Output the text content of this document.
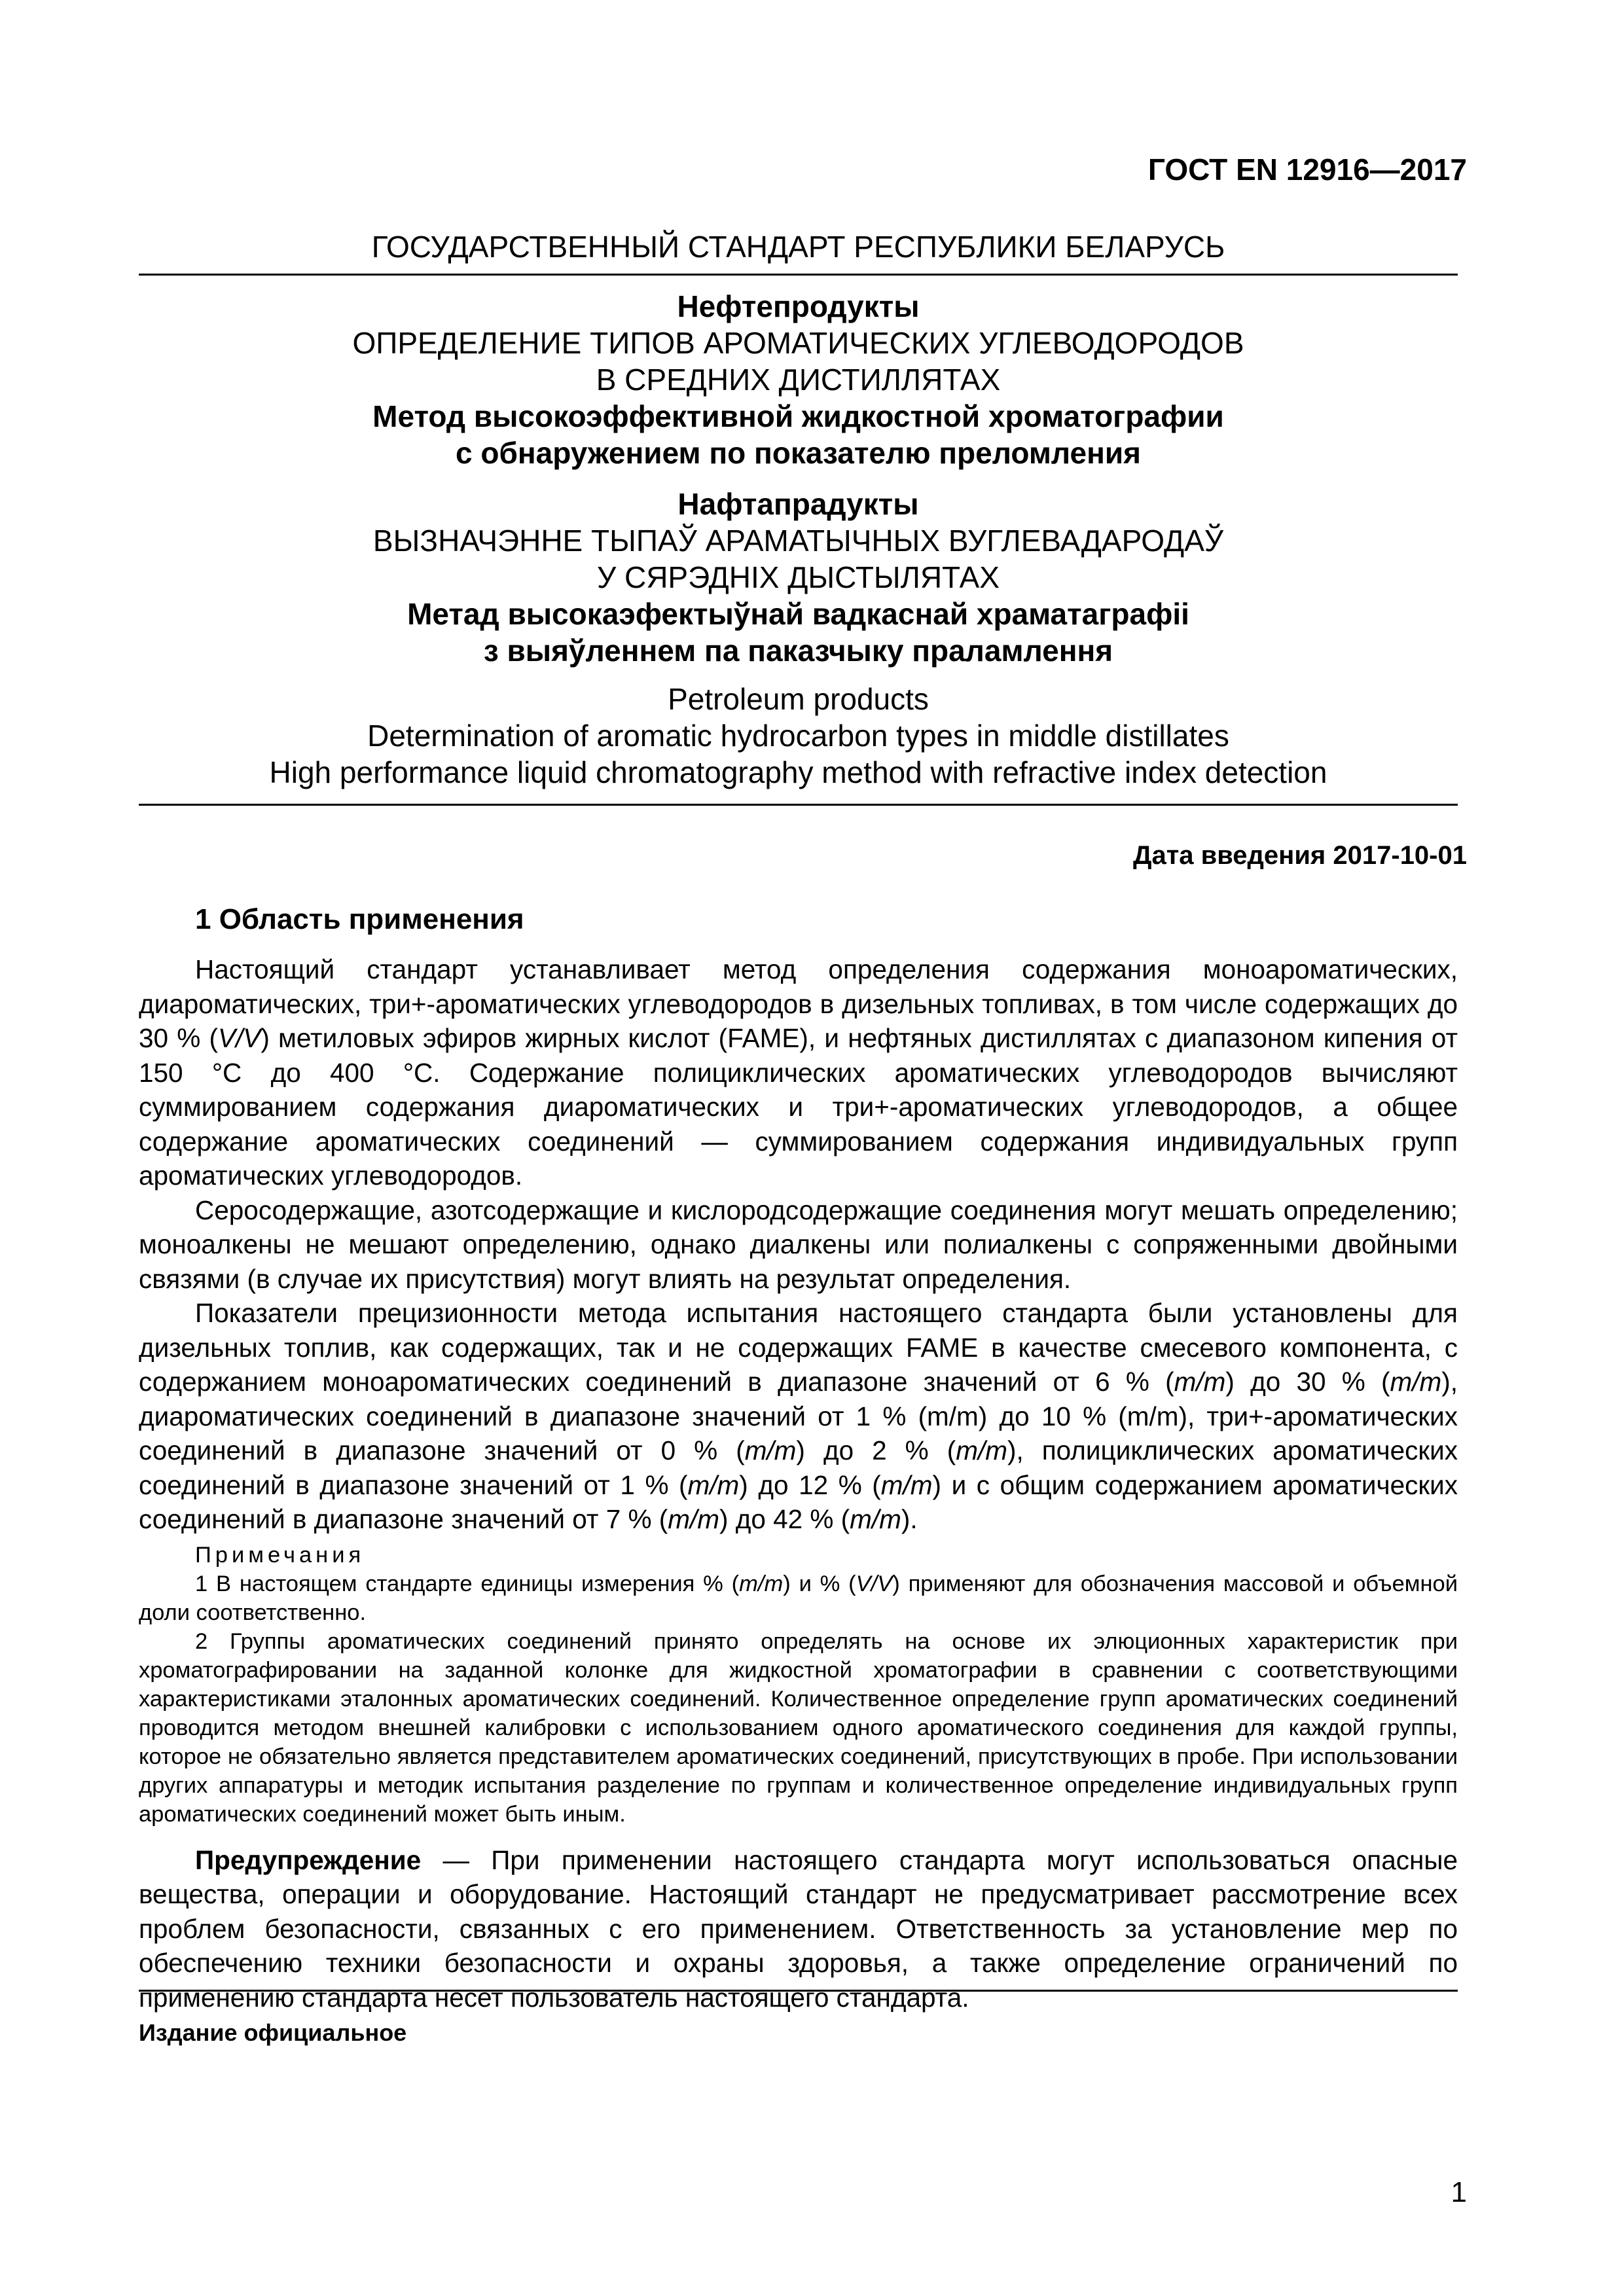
ГОСТ EN 12916—2017
ГОСУДАРСТВЕННЫЙ СТАНДАРТ РЕСПУБЛИКИ БЕЛАРУСЬ
Нефтепродукты
ОПРЕДЕЛЕНИЕ ТИПОВ АРОМАТИЧЕСКИХ УГЛЕВОДОРОДОВ
В СРЕДНИХ ДИСТИЛЛЯТАХ
Метод высокоэффективной жидкостной хроматографии
с обнаружением по показателю преломления
Нафтапрадукты
ВЫЗНАЧЭННЕ ТЫПАЎ АРАМАТЫЧНЫХ ВУГЛЕВАДАРОДАЎ
У СЯРЭДНІХ ДЫСТЫЛЯТАХ
Метад высокаэфектыўнай вадкаснай храматаграфіі
з выяўленнем па паказчыку праламлення
Petroleum products
Determination of aromatic hydrocarbon types in middle distillates
High performance liquid chromatography method with refractive index detection
Дата введения 2017-10-01
1 Область применения

Настоящий стандарт устанавливает метод определения содержания моноароматических, диароматических, три+-ароматических углеводородов в дизельных топливах, в том числе содержащих до 30 % (V/V) метиловых эфиров жирных кислот (FAME), и нефтяных дистиллятах с диапазоном кипения от 150 °С до 400 °С. Содержание полициклических ароматических углеводородов вычисляют суммированием содержания диароматических и три+-ароматических углеводородов, а общее содержание ароматических соединений — суммированием содержания индивидуальных групп ароматических углеводородов.

Серосодержащие, азотсодержащие и кислородсодержащие соединения могут мешать определению; моноалкены не мешают определению, однако диалкены или полиалкены с сопряженными двойными связями (в случае их присутствия) могут влиять на результат определения.

Показатели прецизионности метода испытания настоящего стандарта были установлены для дизельных топлив, как содержащих, так и не содержащих FAME в качестве смесевого компонента, с содержанием моноароматических соединений в диапазоне значений от 6 % (m/m) до 30 % (m/m), диароматических соединений в диапазоне значений от 1 % (m/m) до 10 % (m/m), три+-ароматических соединений в диапазоне значений от 0 % (m/m) до 2 % (m/m), полициклических ароматических соединений в диапазоне значений от 1 % (m/m) до 12 % (m/m) и с общим содержанием ароматических соединений в диапазоне значений от 7 % (m/m) до 42 % (m/m).

Примечания

1 В настоящем стандарте единицы измерения % (m/m) и % (V/V) применяют для обозначения массовой и объемной доли соответственно.

2 Группы ароматических соединений принято определять на основе их элюционных характеристик при хроматографировании на заданной колонке для жидкостной хроматографии в сравнении с соответствующими характеристиками эталонных ароматических соединений. Количественное определение групп ароматических соединений проводится методом внешней калибровки с использованием одного ароматического соединения для каждой группы, которое не обязательно является представителем ароматических соединений, присутствующих в пробе. При использовании других аппаратуры и методик испытания разделение по группам и количественное определение индивидуальных групп ароматических соединений может быть иным.

Предупреждение — При применении настоящего стандарта могут использоваться опасные вещества, операции и оборудование. Настоящий стандарт не предусматривает рассмотрение всех проблем безопасности, связанных с его применением. Ответственность за установление мер по обеспечению техники безопасности и охраны здоровья, а также определение ограничений по применению стандарта несет пользователь настоящего стандарта.

Издание официальное
1
